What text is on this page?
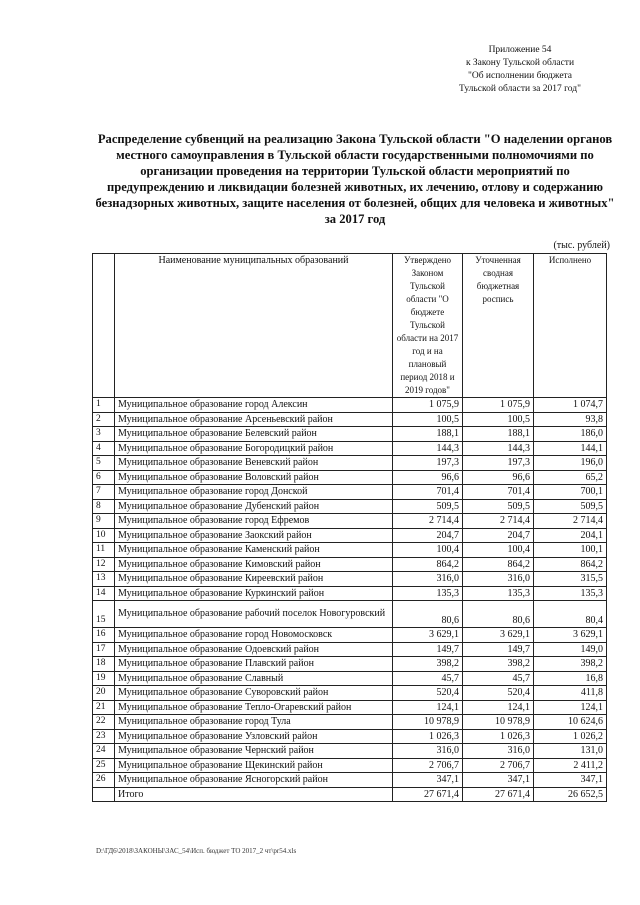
Приложение 54
к Закону Тульской области
"Об исполнении бюджета
Тульской области за 2017 год"
Распределение субвенций на реализацию Закона Тульской области "О наделении органов местного самоуправления в Тульской области государственными полномочиями по организации проведения на территории Тульской области мероприятий по предупреждению и ликвидации болезней животных, их лечению, отлову и содержанию безнадзорных животных, защите населения от болезней, общих для человека и животных" за 2017 год
(тыс. рублей)
	Наименование муниципальных образований	Утверждено Законом Тульской области "О бюджете Тульской области на 2017 год и на плановый период 2018 и 2019 годов"	Уточненная сводная бюджетная роспись	Исполнено
1	Муниципальное образование город Алексин	1 075,9	1 075,9	1 074,7
2	Муниципальное образование Арсеньевский район	100,5	100,5	93,8
3	Муниципальное образование Белевский район	188,1	188,1	186,0
4	Муниципальное образование Богородицкий район	144,3	144,3	144,1
5	Муниципальное образование Веневский район	197,3	197,3	196,0
6	Муниципальное образование Воловский район	96,6	96,6	65,2
7	Муниципальное образование город Донской	701,4	701,4	700,1
8	Муниципальное образование Дубенский район	509,5	509,5	509,5
9	Муниципальное образование город Ефремов	2 714,4	2 714,4	2 714,4
10	Муниципальное образование Заокский район	204,7	204,7	204,1
11	Муниципальное образование Каменский район	100,4	100,4	100,1
12	Муниципальное образование Кимовский район	864,2	864,2	864,2
13	Муниципальное образование Киреевский район	316,0	316,0	315,5
14	Муниципальное образование Куркинский район	135,3	135,3	135,3
15	Муниципальное образование рабочий поселок Новогуровский	80,6	80,6	80,4
16	Муниципальное образование город Новомосковск	3 629,1	3 629,1	3 629,1
17	Муниципальное образование Одоевский район	149,7	149,7	149,0
18	Муниципальное образование Плавский район	398,2	398,2	398,2
19	Муниципальное образование Славный	45,7	45,7	16,8
20	Муниципальное образование Суворовский район	520,4	520,4	411,8
21	Муниципальное образование Тепло-Огаревский район	124,1	124,1	124,1
22	Муниципальное образование город Тула	10 978,9	10 978,9	10 624,6
23	Муниципальное образование Узловский район	1 026,3	1 026,3	1 026,2
24	Муниципальное образование Чернский район	316,0	316,0	131,0
25	Муниципальное образование Щекинский район	2 706,7	2 706,7	2 411,2
26	Муниципальное образование Ясногорский район	347,1	347,1	347,1
	Итого	27 671,4	27 671,4	26 652,5
D:\ГД6\2018\ЗАКОНЫ\ЗАС_54\Исп. бюджет ТО 2017_2 чт\pr54.xls
